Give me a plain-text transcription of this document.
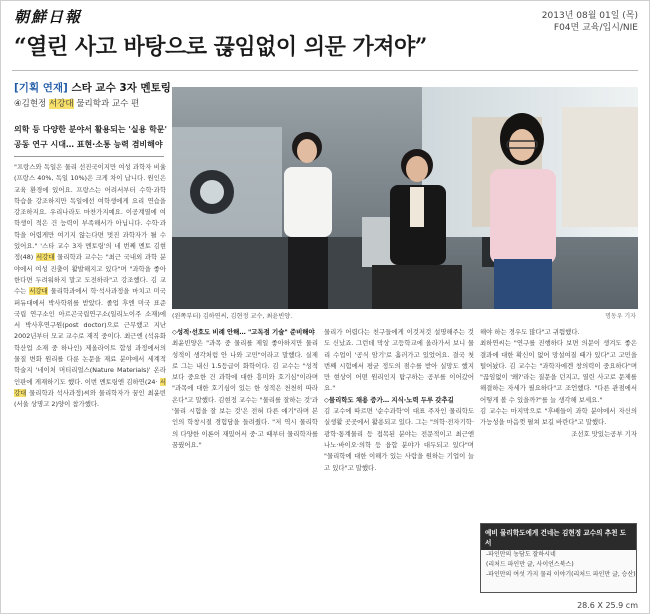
朝鮮日報	2013년 08월 01일 (목)
F04면 교육/입시/NIE
“열린 사고 바탕으로 끊임없이 의문 가져야”
[기획 연재] 스타 교수 3자 멘토링
④김현정 서강대 물리학과 교수 편
의학 등 다양한 분야서 활용되는 '실용 학문'
공동 연구 시대… 표현·소통 능력 겸비해야
"프랑스와 독일은 물리 선진국이지만 여성 과학자 비율(프랑스 40%, 독일 10%)은 크게 차이 납니다. 원인은 교육 환경에 있어요. 프랑스는 어려서부터 수학·과학 학습을 강조하지만 독일에선 여학생에게 요리 연습을 강조하지요. 우리나라도 마찬가지예요. 이공계열에 여학생이 적은 건 능력이 부족해서가 아닙니다. 수학·과학을 어렵게만 여기지 않는다면 멋진 과학자가 될 수 있어요." '스타 교수 3자 멘토링'의 네 번째 멘토 김현정(48) 서강대 물리학과 교수는 "최근 국내외 과학 분야에서 여성 진출이 활발해지고 있다"며 "과학을 좋아한다면 두려워하지 말고 도전하라"고 강조했다. 김 교수는 서강대 물리학과에서 학·석사과정을 마치고 미국 퍼듀대에서 박사학위를 받았다. 졸업 후엔 미국 표준 국립 연구소인 아르곤국립연구소(일리노이주 소재)에서 박사후연구원(post doctor)으로 근무했고 지난 2002년부터 모교 교수로 재직 중이다. 최근엔 (석유화학산업 소재 중 하나인) 제올라이트 합성 과정에서의 물질 변화 원리를 다룬 논문을 재료 분야에서 세계적 학술지 '네이처 머티리얼스(Nature Materials)' 온라인판에 게재하기도 했다. 이번 멘토링엔 김하연(24· 서강대 물리학과 석사과정)씨와 물리학자가 꿈인 최윤빈(서울 상명고 2)양이 참가했다.
(왼쪽부터) 김하연씨, 김현정 교수, 최윤빈양.	명동우 기자
◇성적·선호도 비례 안해… "고독점 기술" 준비해야
최윤빈양은 "과목 중 물리를 제일 좋아하지만 물리 성적이 생각처럼 안 나와 고민"이라고 말했다. 실제로 그는 내신 1.5등급이 화학이다. 김 교수는 "성적보다 중요한 건 과학에 대한 흥미와 호기심"이라며 "과목에 대한 호기심이 있는 한 성적은 천천히 따라온다"고 말했다. 김현정 교수는 "물리를 잘하는 것'과 '물리 시험을 잘 보는 것'은 전혀 다른 얘기"라며 본인의 학창시절 경험담을 들려줬다. "저 역시 물리학의 다양한 이론이 재밌어서 중·고 때부터 물리학자를 꿈꿨어요."
물리가 어렵다는 친구들에게 이것저것 설명해주는 것도 신났죠. 그런데 막상 고등학교에 올라가서 보니 물리 수업이 '공식 암기'로 흘러가고 있었어요. 결국 첫 번째 시험에서 평균 정도의 점수를 받아 실망도 했지만 현상이 어떤 원리인지 탐구하는 공부를 이어갔어요."
◇물리학도 채용 증가… 지식·노력 두루 갖추길
김 교수에 따르면 '순수과학'이 대표 주자인 물리학도 실생활 곳곳에서 활용되고 있다. 그는 "의학·전자기학·광학·통계물리 등 접목된 분야는 전문적이고 최근엔 나노·바이오·의학 등 융합 분야가 대두되고 있다"며 "물리학에 대한 이해가 있는 사람을 원하는 기업이 늘고 있다"고 말했다.
해야 하는 경우도 많다"고 귀띔했다.
최하연씨는 "연구를 진행하다 보면 의문이 생겨도 좋은 결과에 대한 확신이 없어 망설여질 때가 있다"고 고민을 털어놨다. 김 교수는 "과학자에겐 창의력이 중요하다"며 "끊임없이 '왜?'라는 질문을 던지고, 열린 사고로 문제를 해결하는 자세가 필요하다"고 조언했다. "다른 관점에서 어떻게 볼 수 있을까?"를 늘 생각해 보세요."
김 교수는 마지막으로 "후배들이 과학 분야에서 자신의 가능성을 마음껏 펼쳐 보길 바란다"고 말했다.
조선호 맛있는공부 기자
예비 물리학도에게 건네는 김현정 교수의 추천 도서
-파인만의 농담도 잘하시네
(리처드 파인만 글, 사이언스북스)
-파인만의 여섯 가지 물리 이야기(리처드 파인만 글, 승산)
28.6 X 25.9 cm
